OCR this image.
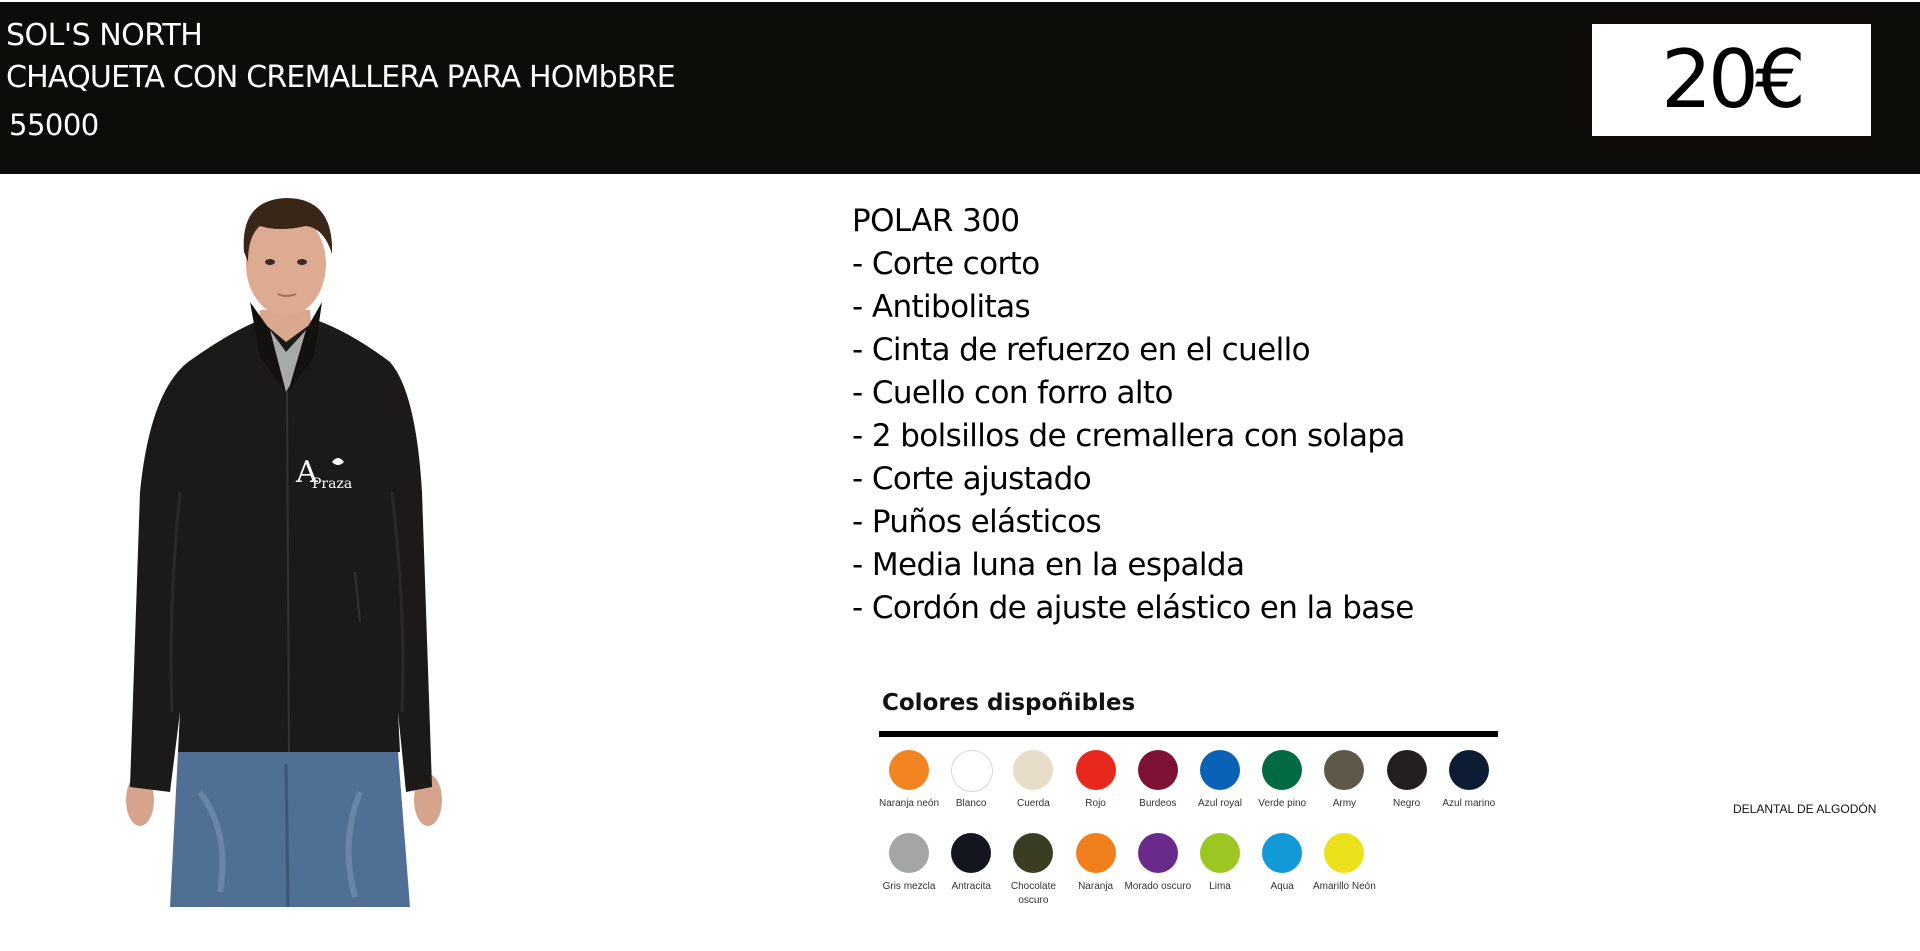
SOL'S NORTH
CHAQUETA CON CREMALLERA PARA HOMbBRE
55000	20€
A
Praza
POLAR 300
- Corte corto
- Antibolitas
- Cinta de refuerzo en el cuello
- Cuello con forro alto
- 2 bolsillos de cremallera con solapa
- Corte ajustado
- Puños elásticos
- Media luna en la espalda
- Cordón de ajuste elástico en la base
Colores dispoñibles
Naranja neón	Blanco	Cuerda	Rojo	Burdeos	Azul royal	Verde pino	Army	Negro	Azul marino
Gris mezcla	Antracita	Chocolate oscuro
Naranja	Morado oscuro	Lima	Aqua	Amarillo Neón
DELANTAL DE ALGODÓN
